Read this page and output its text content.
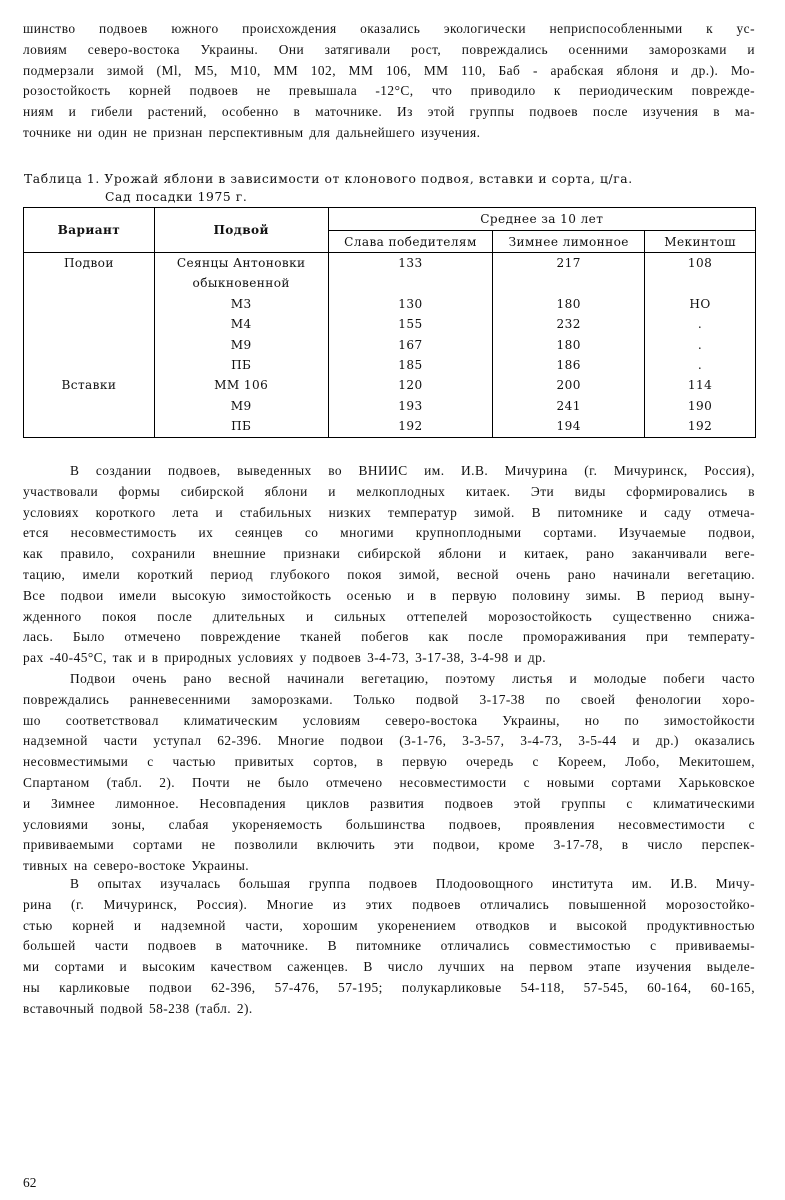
шинство подвоев южного происхождения оказались экологически неприспособленными к ус-
ловиям северо-востока Украины. Они затягивали рост, повреждались осенними заморозками и
подмерзали зимой (Ml, M5, M10, MM 102, MM 106, MM 110, Баб - арабская яблоня и др.). Мо-
розостойкость корней подвоев не превышала -12°С, что приводило к периодическим поврежде-
ниям и гибели растений, особенно в маточнике. Из этой группы подвоев после изучения в ма-
точнике ни один не признан перспективным для дальнейшего изучения.
Таблица 1. Урожай яблони в зависимости от клонового подвоя, вставки и сорта, ц/га.
Сад посадки 1975 г.
Вариант	Подвой	Среднее за 10 лет		
		Слава победителям	Зимнее лимонное	Мекинтош
Подвои	Сеянцы Антоновки	133	217	108
	обыкновенной			
	М3	130	180	НО
	М4	155	232	.
	М9	167	180	.
	ПБ	185	186	.
Вставки	ММ 106	120	200	114
	М9	193	241	190
	ПБ	192	194	192
В создании подвоев, выведенных во ВНИИС им. И.В. Мичурина (г. Мичуринск, Россия),
участвовали формы сибирской яблони и мелкоплодных китаек. Эти виды сформировались в
условиях короткого лета и стабильных низких температур зимой. В питомнике и саду отмеча-
ется несовместимость их сеянцев со многими крупноплодными сортами. Изучаемые подвои,
как правило, сохранили внешние признаки сибирской яблони и китаек, рано заканчивали веге-
тацию, имели короткий период глубокого покоя зимой, весной очень рано начинали вегетацию.
Все подвои имели высокую зимостойкость осенью и в первую половину зимы. В период выну-
жденного покоя после длительных и сильных оттепелей морозостойкость существенно снижа-
лась. Было отмечено повреждение тканей побегов как после промораживания при температу-
рах -40-45°С, так и в природных условиях у подвоев 3-4-73, 3-17-38, 3-4-98 и др.
Подвои очень рано весной начинали вегетацию, поэтому листья и молодые побеги часто
повреждались ранневесенними заморозками. Только подвой 3-17-38 по своей фенологии хоро-
шо соответствовал климатическим условиям северо-востока Украины, но по зимостойкости
надземной части уступал 62-396. Многие подвои (3-1-76, 3-3-57, 3-4-73, 3-5-44 и др.) оказались
несовместимыми с частью привитых сортов, в первую очередь с Кореем, Лобо, Мекитошем,
Спартаном (табл. 2). Почти не было отмечено несовместимости с новыми сортами Харьковское
и Зимнее лимонное. Несовпадения циклов развития подвоев этой группы с климатическими
условиями зоны, слабая укореняемость большинства подвоев, проявления несовместимости с
прививаемыми сортами не позволили включить эти подвои, кроме 3-17-78, в число перспек-
тивных на северо-востоке Украины.
В опытах изучалась большая группа подвоев Плодоовощного института им. И.В. Мичу-
рина (г. Мичуринск, Россия). Многие из этих подвоев отличались повышенной морозостойко-
стью корней и надземной части, хорошим укоренением отводков и высокой продуктивностью
большей части подвоев в маточнике. В питомнике отличались совместимостью с прививаемы-
ми сортами и высоким качеством саженцев. В число лучших на первом этапе изучения выделе-
ны карликовые подвои 62-396, 57-476, 57-195; полукарликовые 54-118, 57-545, 60-164, 60-165,
вставочный подвой 58-238 (табл. 2).
62
